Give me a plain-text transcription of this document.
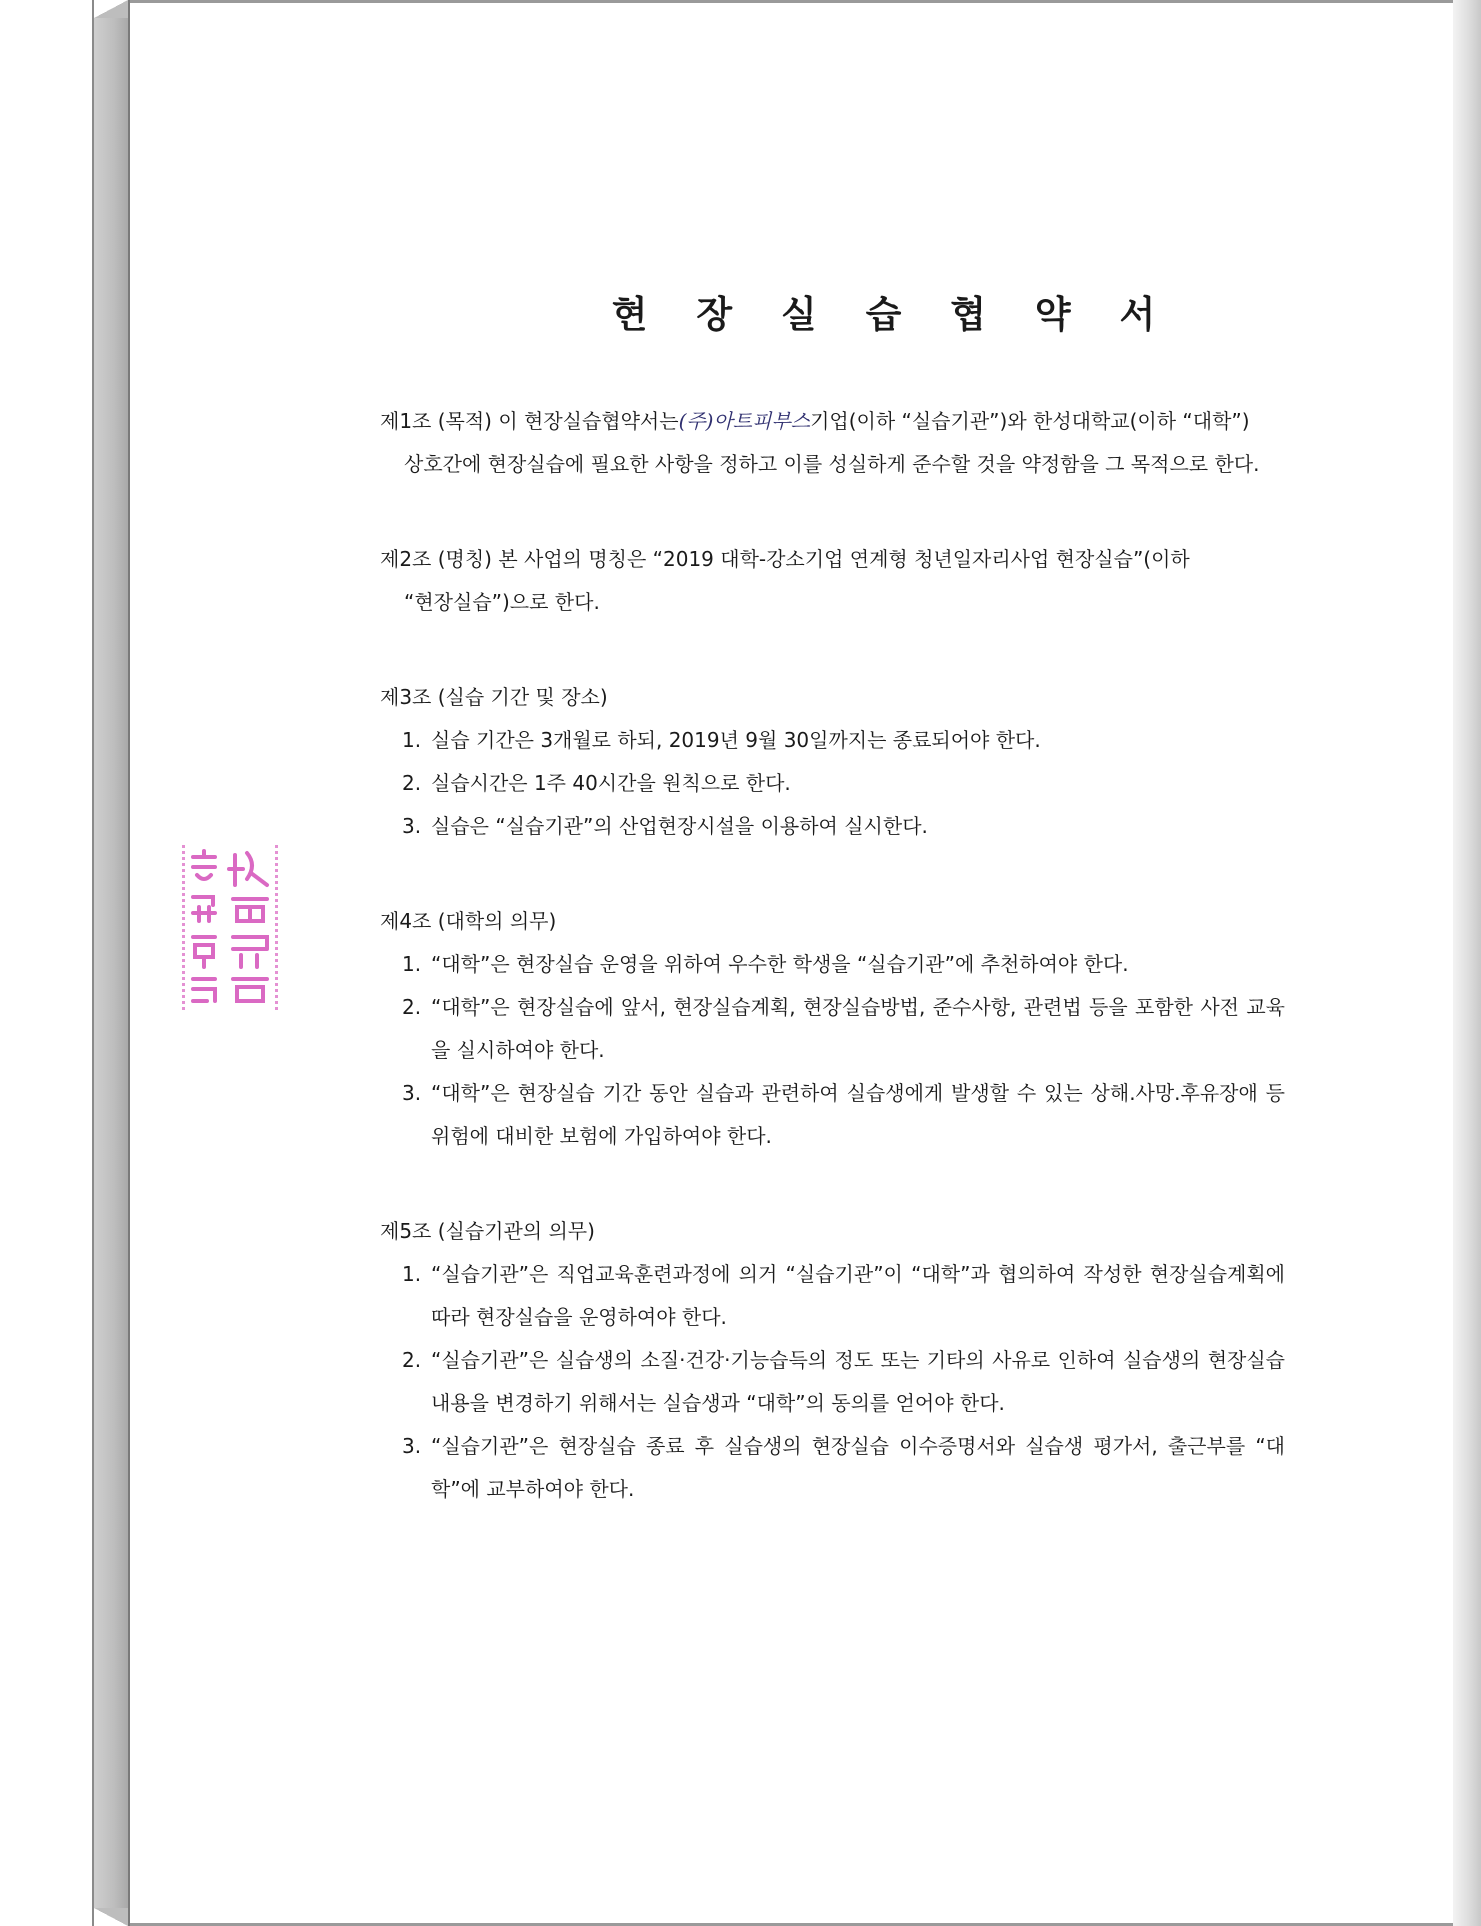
현 장 실 습 협 약 서
제1조 (목적) 이 현장실습협약서는(주)아트피부스기업(이하 “실습기관”)와 한성대학교(이하 “대학”)
상호간에 현장실습에 필요한 사항을 정하고 이를 성실하게 준수할 것을 약정함을 그 목적으로 한다.
제2조 (명칭) 본 사업의 명칭은 “2019 대학-강소기업 연계형 청년일자리사업 현장실습”(이하
“현장실습”)으로 한다.
제3조 (실습 기간 및 장소)
1. 실습 기간은 3개월로 하되, 2019년 9월 30일까지는 종료되어야 한다.
2. 실습시간은 1주 40시간을 원칙으로 한다.
3. 실습은 “실습기관”의 산업현장시설을 이용하여 실시한다.
제4조 (대학의 의무)
1. “대학”은 현장실습 운영을 위하여 우수한 학생을 “실습기관”에 추천하여야 한다.
2. “대학”은 현장실습에 앞서, 현장실습계획, 현장실습방법, 준수사항, 관련법 등을 포함한 사전 교육을 실시하여야 한다.
3. “대학”은 현장실습 기간 동안 실습과 관련하여 실습생에게 발생할 수 있는 상해.사망.후유장애 등 위험에 대비한 보험에 가입하여야 한다.
제5조 (실습기관의 의무)
1. “실습기관”은 직업교육훈련과정에 의거 “실습기관”이 “대학”과 협의하여 작성한 현장실습계획에 따라 현장실습을 운영하여야 한다.
2. “실습기관”은 실습생의 소질·건강·기능습득의 정도 또는 기타의 사유로 인하여 실습생의 현장실습내용을 변경하기 위해서는 실습생과 “대학”의 동의를 얻어야 한다.
3. “실습기관”은 현장실습 종료 후 실습생의 현장실습 이수증명서와 실습생 평가서, 출근부를 “대학”에 교부하여야 한다.
